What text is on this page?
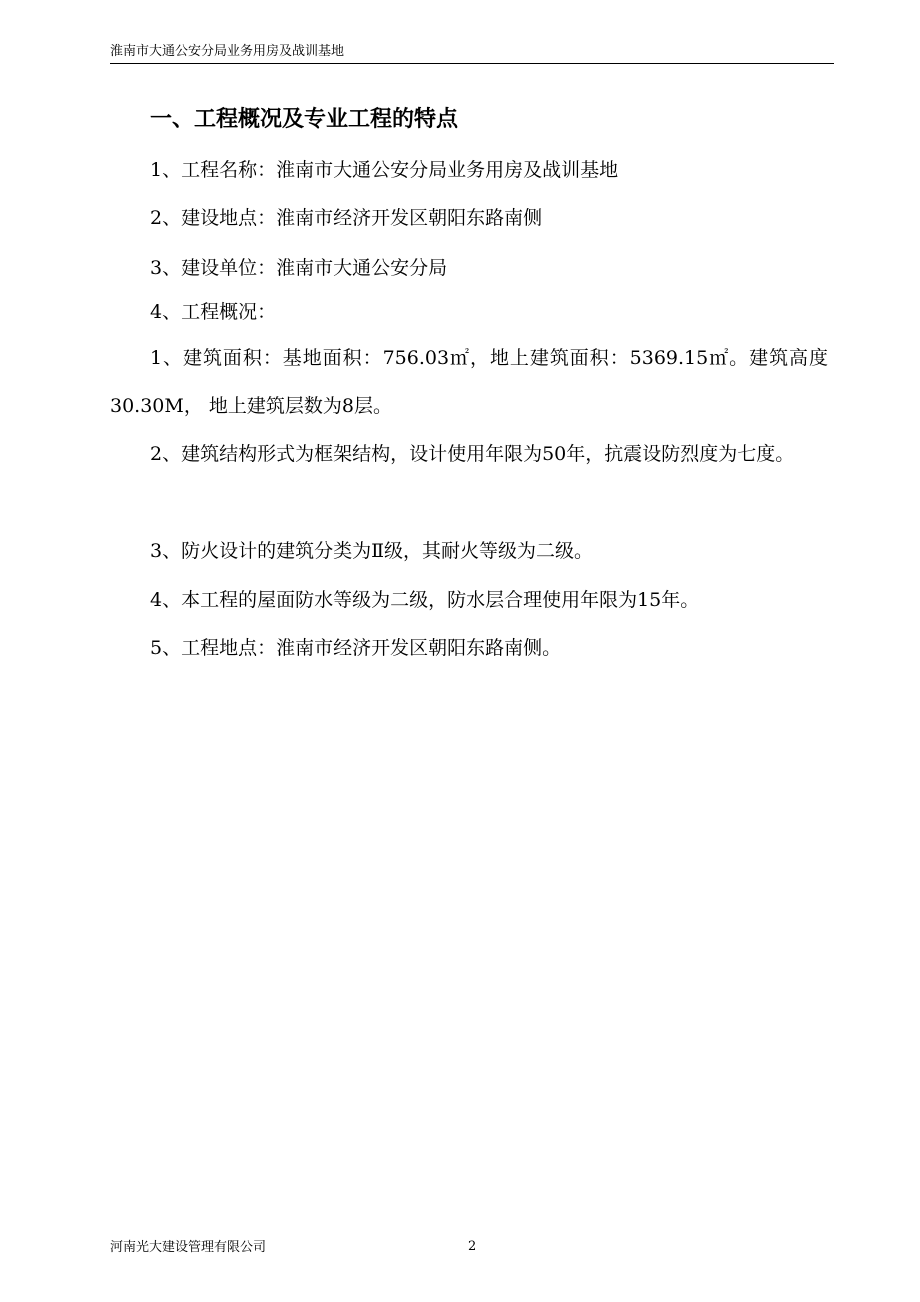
淮南市大通公安分局业务用房及战训基地
一、工程概况及专业工程的特点

1、工程名称：淮南市大通公安分局业务用房及战训基地

2、建设地点：淮南市经济开发区朝阳东路南侧

3、建设单位：淮南市大通公安分局

4、工程概况：

1、建筑面积：基地面积：756.03㎡，地上建筑面积：5369.15㎡。建筑高度30.30M， 地上建筑层数为8层。

2、建筑结构形式为框架结构，设计使用年限为50年，抗震设防烈度为七度。

3、防火设计的建筑分类为Ⅱ级，其耐火等级为二级。

4、本工程的屋面防水等级为二级，防水层合理使用年限为15年。

5、工程地点：淮南市经济开发区朝阳东路南侧。

河南光大建设管理有限公司	2
